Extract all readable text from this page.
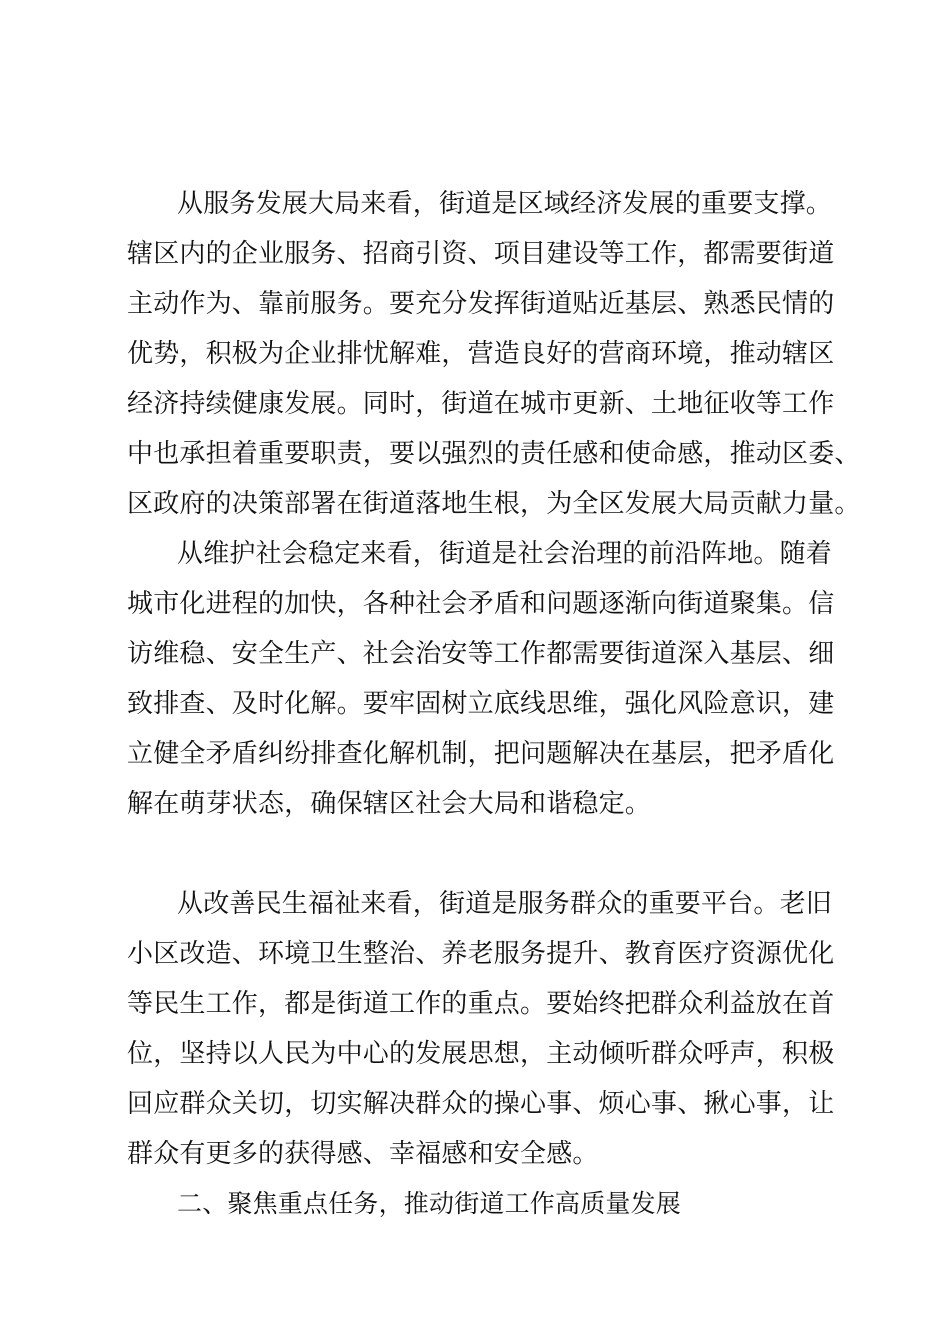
从服务发展大局来看，街道是区域经济发展的重要支撑。
辖区内的企业服务、招商引资、项目建设等工作，都需要街道
主动作为、靠前服务。要充分发挥街道贴近基层、熟悉民情的
优势，积极为企业排忧解难，营造良好的营商环境，推动辖区
经济持续健康发展。同时，街道在城市更新、土地征收等工作
中也承担着重要职责，要以强烈的责任感和使命感，推动区委、
区政府的决策部署在街道落地生根，为全区发展大局贡献力量。
从维护社会稳定来看，街道是社会治理的前沿阵地。随着
城市化进程的加快，各种社会矛盾和问题逐渐向街道聚集。信
访维稳、安全生产、社会治安等工作都需要街道深入基层、细
致排查、及时化解。要牢固树立底线思维，强化风险意识，建
立健全矛盾纠纷排查化解机制，把问题解决在基层，把矛盾化
解在萌芽状态，确保辖区社会大局和谐稳定。
从改善民生福祉来看，街道是服务群众的重要平台。老旧
小区改造、环境卫生整治、养老服务提升、教育医疗资源优化
等民生工作，都是街道工作的重点。要始终把群众利益放在首
位，坚持以人民为中心的发展思想，主动倾听群众呼声，积极
回应群众关切，切实解决群众的操心事、烦心事、揪心事，让
群众有更多的获得感、幸福感和安全感。
二、聚焦重点任务，推动街道工作高质量发展
